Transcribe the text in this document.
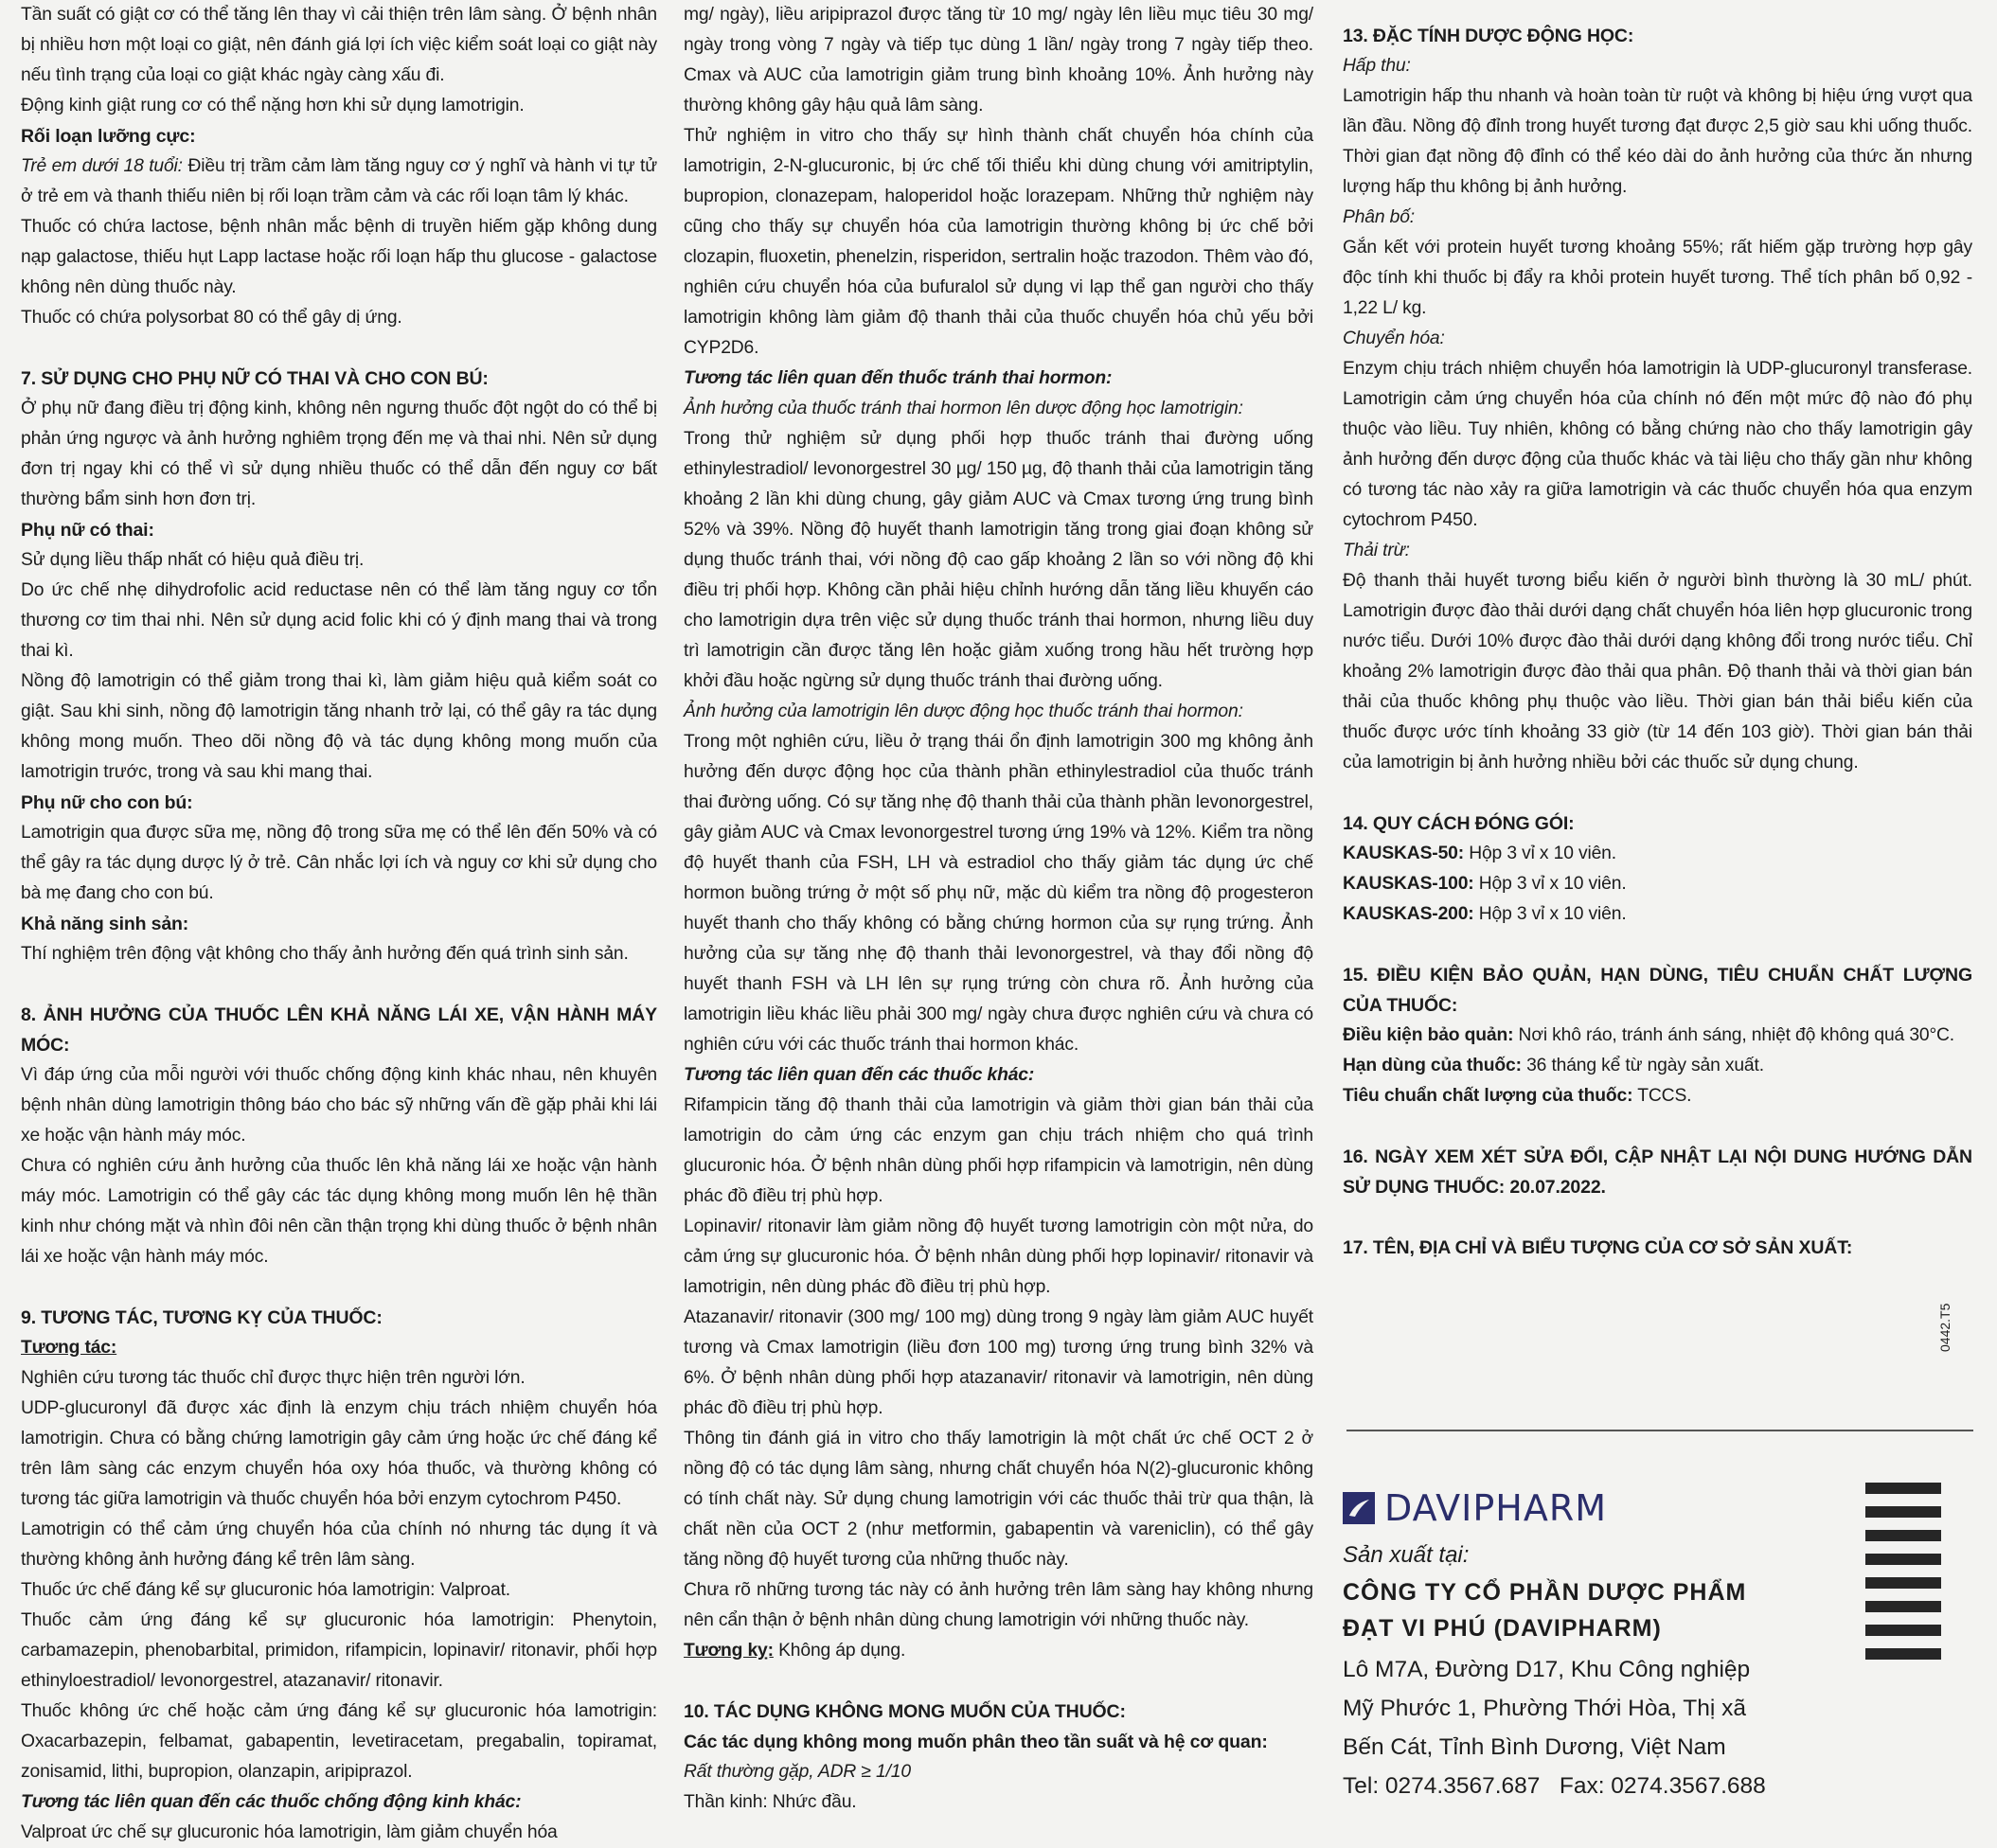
Tần suất có giật cơ có thể tăng lên thay vì cải thiện trên lâm sàng. Ở bệnh nhân bị nhiều hơn một loại co giật, nên đánh giá lợi ích việc kiểm soát loại co giật này nếu tình trạng của loại co giật khác ngày càng xấu đi.

Động kinh giật rung cơ có thể nặng hơn khi sử dụng lamotrigin.

Rối loạn lưỡng cực:

Trẻ em dưới 18 tuổi: Điều trị trầm cảm làm tăng nguy cơ ý nghĩ và hành vi tự tử ở trẻ em và thanh thiếu niên bị rối loạn trầm cảm và các rối loạn tâm lý khác.

Thuốc có chứa lactose, bệnh nhân mắc bệnh di truyền hiếm gặp không dung nạp galactose, thiếu hụt Lapp lactase hoặc rối loạn hấp thu glucose - galactose không nên dùng thuốc này.

Thuốc có chứa polysorbat 80 có thể gây dị ứng.

7. SỬ DỤNG CHO PHỤ NỮ CÓ THAI VÀ CHO CON BÚ:

Ở phụ nữ đang điều trị động kinh, không nên ngưng thuốc đột ngột do có thể bị phản ứng ngược và ảnh hưởng nghiêm trọng đến mẹ và thai nhi. Nên sử dụng đơn trị ngay khi có thể vì sử dụng nhiều thuốc có thể dẫn đến nguy cơ bất thường bẩm sinh hơn đơn trị.

Phụ nữ có thai:

Sử dụng liều thấp nhất có hiệu quả điều trị.

Do ức chế nhẹ dihydrofolic acid reductase nên có thể làm tăng nguy cơ tổn thương cơ tim thai nhi. Nên sử dụng acid folic khi có ý định mang thai và trong thai kì.

Nồng độ lamotrigin có thể giảm trong thai kì, làm giảm hiệu quả kiểm soát co giật. Sau khi sinh, nồng độ lamotrigin tăng nhanh trở lại, có thể gây ra tác dụng không mong muốn. Theo dõi nồng độ và tác dụng không mong muốn của lamotrigin trước, trong và sau khi mang thai.

Phụ nữ cho con bú:

Lamotrigin qua được sữa mẹ, nồng độ trong sữa mẹ có thể lên đến 50% và có thể gây ra tác dụng dược lý ở trẻ. Cân nhắc lợi ích và nguy cơ khi sử dụng cho bà mẹ đang cho con bú.

Khả năng sinh sản:

Thí nghiệm trên động vật không cho thấy ảnh hưởng đến quá trình sinh sản.

8. ẢNH HƯỞNG CỦA THUỐC LÊN KHẢ NĂNG LÁI XE, VẬN HÀNH MÁY MÓC:

Vì đáp ứng của mỗi người với thuốc chống động kinh khác nhau, nên khuyên bệnh nhân dùng lamotrigin thông báo cho bác sỹ những vấn đề gặp phải khi lái xe hoặc vận hành máy móc.

Chưa có nghiên cứu ảnh hưởng của thuốc lên khả năng lái xe hoặc vận hành máy móc. Lamotrigin có thể gây các tác dụng không mong muốn lên hệ thần kinh như chóng mặt và nhìn đôi nên cần thận trọng khi dùng thuốc ở bệnh nhân lái xe hoặc vận hành máy móc.

9. TƯƠNG TÁC, TƯƠNG KỴ CỦA THUỐC:

Tương tác:

Nghiên cứu tương tác thuốc chỉ được thực hiện trên người lớn.

UDP-glucuronyl đã được xác định là enzym chịu trách nhiệm chuyển hóa lamotrigin. Chưa có bằng chứng lamotrigin gây cảm ứng hoặc ức chế đáng kể trên lâm sàng các enzym chuyển hóa oxy hóa thuốc, và thường không có tương tác giữa lamotrigin và thuốc chuyển hóa bởi enzym cytochrom P450.

Lamotrigin có thể cảm ứng chuyển hóa của chính nó nhưng tác dụng ít và thường không ảnh hưởng đáng kể trên lâm sàng.

Thuốc ức chế đáng kể sự glucuronic hóa lamotrigin: Valproat.

Thuốc cảm ứng đáng kể sự glucuronic hóa lamotrigin: Phenytoin, carbamazepin, phenobarbital, primidon, rifampicin, lopinavir/ ritonavir, phối hợp ethinyloestradiol/ levonorgestrel, atazanavir/ ritonavir.

Thuốc không ức chế hoặc cảm ứng đáng kể sự glucuronic hóa lamotrigin: Oxacarbazepin, felbamat, gabapentin, levetiracetam, pregabalin, topiramat, zonisamid, lithi, bupropion, olanzapin, aripiprazol.

Tương tác liên quan đến các thuốc chống động kinh khác:

Valproat ức chế sự glucuronic hóa lamotrigin, làm giảm chuyển hóa

mg/ ngày), liều aripiprazol được tăng từ 10 mg/ ngày lên liều mục tiêu 30 mg/ ngày trong vòng 7 ngày và tiếp tục dùng 1 lần/ ngày trong 7 ngày tiếp theo. Cmax và AUC của lamotrigin giảm trung bình khoảng 10%. Ảnh hưởng này thường không gây hậu quả lâm sàng.

Thử nghiệm in vitro cho thấy sự hình thành chất chuyển hóa chính của lamotrigin, 2-N-glucuronic, bị ức chế tối thiểu khi dùng chung với amitriptylin, bupropion, clonazepam, haloperidol hoặc lorazepam. Những thử nghiệm này cũng cho thấy sự chuyển hóa của lamotrigin thường không bị ức chế bởi clozapin, fluoxetin, phenelzin, risperidon, sertralin hoặc trazodon. Thêm vào đó, nghiên cứu chuyển hóa của bufuralol sử dụng vi lạp thể gan người cho thấy lamotrigin không làm giảm độ thanh thải của thuốc chuyển hóa chủ yếu bởi CYP2D6.

Tương tác liên quan đến thuốc tránh thai hormon:

Ảnh hưởng của thuốc tránh thai hormon lên dược động học lamotrigin:

Trong thử nghiệm sử dụng phối hợp thuốc tránh thai đường uống ethinylestradiol/ levonorgestrel 30 µg/ 150 µg, độ thanh thải của lamotrigin tăng khoảng 2 lần khi dùng chung, gây giảm AUC và Cmax tương ứng trung bình 52% và 39%. Nồng độ huyết thanh lamotrigin tăng trong giai đoạn không sử dụng thuốc tránh thai, với nồng độ cao gấp khoảng 2 lần so với nồng độ khi điều trị phối hợp. Không cần phải hiệu chỉnh hướng dẫn tăng liều khuyến cáo cho lamotrigin dựa trên việc sử dụng thuốc tránh thai hormon, nhưng liều duy trì lamotrigin cần được tăng lên hoặc giảm xuống trong hầu hết trường hợp khởi đầu hoặc ngừng sử dụng thuốc tránh thai đường uống.

Ảnh hưởng của lamotrigin lên dược động học thuốc tránh thai hormon:

Trong một nghiên cứu, liều ở trạng thái ổn định lamotrigin 300 mg không ảnh hưởng đến dược động học của thành phần ethinylestradiol của thuốc tránh thai đường uống. Có sự tăng nhẹ độ thanh thải của thành phần levonorgestrel, gây giảm AUC và Cmax levonorgestrel tương ứng 19% và 12%. Kiểm tra nồng độ huyết thanh của FSH, LH và estradiol cho thấy giảm tác dụng ức chế hormon buồng trứng ở một số phụ nữ, mặc dù kiểm tra nồng độ progesteron huyết thanh cho thấy không có bằng chứng hormon của sự rụng trứng. Ảnh hưởng của sự tăng nhẹ độ thanh thải levonorgestrel, và thay đổi nồng độ huyết thanh FSH và LH lên sự rụng trứng còn chưa rõ. Ảnh hưởng của lamotrigin liều khác liều phải 300 mg/ ngày chưa được nghiên cứu và chưa có nghiên cứu với các thuốc tránh thai hormon khác.

Tương tác liên quan đến các thuốc khác:

Rifampicin tăng độ thanh thải của lamotrigin và giảm thời gian bán thải của lamotrigin do cảm ứng các enzym gan chịu trách nhiệm cho quá trình glucuronic hóa. Ở bệnh nhân dùng phối hợp rifampicin và lamotrigin, nên dùng phác đồ điều trị phù hợp.

Lopinavir/ ritonavir làm giảm nồng độ huyết tương lamotrigin còn một nửa, do cảm ứng sự glucuronic hóa. Ở bệnh nhân dùng phối hợp lopinavir/ ritonavir và lamotrigin, nên dùng phác đồ điều trị phù hợp.

Atazanavir/ ritonavir (300 mg/ 100 mg) dùng trong 9 ngày làm giảm AUC huyết tương và Cmax lamotrigin (liều đơn 100 mg) tương ứng trung bình 32% và 6%. Ở bệnh nhân dùng phối hợp atazanavir/ ritonavir và lamotrigin, nên dùng phác đồ điều trị phù hợp.

Thông tin đánh giá in vitro cho thấy lamotrigin là một chất ức chế OCT 2 ở nồng độ có tác dụng lâm sàng, nhưng chất chuyển hóa N(2)-glucuronic không có tính chất này. Sử dụng chung lamotrigin với các thuốc thải trừ qua thận, là chất nền của OCT 2 (như metformin, gabapentin và vareniclin), có thể gây tăng nồng độ huyết tương của những thuốc này.

Chưa rõ những tương tác này có ảnh hưởng trên lâm sàng hay không nhưng nên cẩn thận ở bệnh nhân dùng chung lamotrigin với những thuốc này.

Tương kỵ: Không áp dụng.

10. TÁC DỤNG KHÔNG MONG MUỐN CỦA THUỐC:

Các tác dụng không mong muốn phân theo tần suất và hệ cơ quan:

Rất thường gặp, ADR ≥ 1/10

Thần kinh: Nhức đầu.

13. ĐẶC TÍNH DƯỢC ĐỘNG HỌC:

Hấp thu:

Lamotrigin hấp thu nhanh và hoàn toàn từ ruột và không bị hiệu ứng vượt qua lần đầu. Nồng độ đỉnh trong huyết tương đạt được 2,5 giờ sau khi uống thuốc. Thời gian đạt nồng độ đỉnh có thể kéo dài do ảnh hưởng của thức ăn nhưng lượng hấp thu không bị ảnh hưởng.

Phân bố:

Gắn kết với protein huyết tương khoảng 55%; rất hiếm gặp trường hợp gây độc tính khi thuốc bị đẩy ra khỏi protein huyết tương. Thể tích phân bố 0,92 - 1,22 L/ kg.

Chuyển hóa:

Enzym chịu trách nhiệm chuyển hóa lamotrigin là UDP-glucuronyl transferase. Lamotrigin cảm ứng chuyển hóa của chính nó đến một mức độ nào đó phụ thuộc vào liều. Tuy nhiên, không có bằng chứng nào cho thấy lamotrigin gây ảnh hưởng đến dược động của thuốc khác và tài liệu cho thấy gần như không có tương tác nào xảy ra giữa lamotrigin và các thuốc chuyển hóa qua enzym cytochrom P450.

Thải trừ:

Độ thanh thải huyết tương biểu kiến ở người bình thường là 30 mL/ phút. Lamotrigin được đào thải dưới dạng chất chuyển hóa liên hợp glucuronic trong nước tiểu. Dưới 10% được đào thải dưới dạng không đổi trong nước tiểu. Chỉ khoảng 2% lamotrigin được đào thải qua phân. Độ thanh thải và thời gian bán thải của thuốc không phụ thuộc vào liều. Thời gian bán thải biểu kiến của thuốc được ước tính khoảng 33 giờ (từ 14 đến 103 giờ). Thời gian bán thải của lamotrigin bị ảnh hưởng nhiều bởi các thuốc sử dụng chung.

14. QUY CÁCH ĐÓNG GÓI:

KAUSKAS-50: Hộp 3 vỉ x 10 viên.

KAUSKAS-100: Hộp 3 vỉ x 10 viên.

KAUSKAS-200: Hộp 3 vỉ x 10 viên.

15. ĐIỀU KIỆN BẢO QUẢN, HẠN DÙNG, TIÊU CHUẨN CHẤT LƯỢNG CỦA THUỐC:

Điều kiện bảo quản: Nơi khô ráo, tránh ánh sáng, nhiệt độ không quá 30°C.

Hạn dùng của thuốc: 36 tháng kể từ ngày sản xuất.

Tiêu chuẩn chất lượng của thuốc: TCCS.

16. NGÀY XEM XÉT SỬA ĐỔI, CẬP NHẬT LẠI NỘI DUNG HƯỚNG DẪN SỬ DỤNG THUỐC: 20.07.2022.

17. TÊN, ĐỊA CHỈ VÀ BIỂU TƯỢNG CỦA CƠ SỞ SẢN XUẤT:

DAVIPHARM
Sản xuất tại:
CÔNG TY CỔ PHẦN DƯỢC PHẨM
ĐẠT VI PHÚ (DAVIPHARM)
Lô M7A, Đường D17, Khu Công nghiệp
Mỹ Phước 1, Phường Thới Hòa, Thị xã
Bến Cát, Tỉnh Bình Dương, Việt Nam
Tel: 0274.3567.687   Fax: 0274.3567.688
0442.T5
